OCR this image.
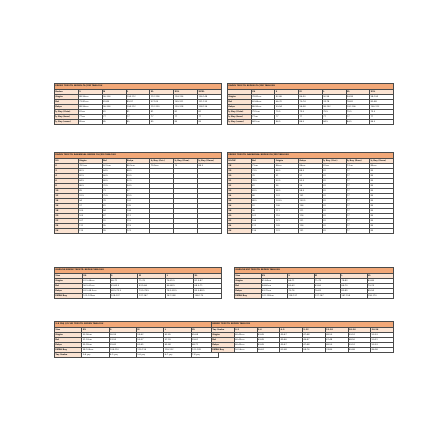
ERKEK TEKSTİL BEDEN ÖLÇÜM TABLOSU						
Beden	S	M	L	XL	XXL	XXXL
Göğüs	88-96cm	96-104	104-112	112-124	124-136	136-148
Bel	73-81cm	81-89	89-97	97-109	109-121	121-133
Kalça	88-96cm	96-104	104-112	112-120	120-128	128-136
İç Boy (Orta)	81cm	81	81	81	81	81
İç Boy (kısa)	77cm	77	77	77	77	77
İç Boy (uzun)	85cm	85	85	85	85	85
KADIN TEKSTİL BEDEN ÖLÇÜM TABLOSU						
	XS	S	M	L	XL	XXL
Göğüs	78-82cm	82-86	86-90	90-94	94-98	98-104
Bel	62-66cm	66-70	70-74	74-78	78-82	82-88
Kalça	86-90cm	90-94	94-98	98-102	102-106	106-112
İç Boy (Orta)	79.5cm	79.5	79.5	79.5	79.5	79.5
İç Boy (kısa)	77cm	77	77	77	77	77
İç Boy (uzun)	84.5cm	84.5	84.5	84.5	84.5	84.5
KADIN TEKSTİL RAKAMSAL BEDEN ÖLÇÜM TABLOSU						
US	Göğüs	Bel	Kalça	İç Boy (Ort.)	İç Boy (Kısa)	İç Boy (Uzun)
0	78.5cm	62.5cm	86.5cm	79.5cm	75	84.5
2	80.5	64.5	88.5			
4	82.5	66.5	90.5			
6	84.5	68.5	92.5			
8	86.5	70.5	94.5			
10	89	73	97			
12	91.5	75.5	99.5			
14	94	78	102			
16	97	81	105			
18	100	84	108			
20	103	87	111			
22	107	91	115			
24	111	95	119			
26	115	99	123			
ERKEK TEKSTİL RAKAMSAL BEDEN ÖLÇÜM TABLOSU						
US/UK	Bel	Göğüs	Kalça	İç Boy (Ort.)	İç Boy (Kısa)	İç Boy (Uzun)
28	71cm	86cm	86cm	81cm	77cm	85cm
29	73.5	88.5	88.5	81	77	85
30	76	91	91	81	77	85
31	78.5	93.5	93.5	81	77	85
32	81	96	96	81	77	85
33	83.5	98.5	98.5	81	77	85
34	86	101	101	81	77	85
35	88.5	103.5	103.5	81	77	85
36	91	106	106	81	77	85
38	96	111	111	81	77	85
40	101	116	116	81	77	85
42	106	121	121	81	77	85
44	111	126	126	81	77	85
46	116	131	131	81	77	85
GARSON ERKEK TEKSTİL BEDEN TABLOSU					
Size	XS	S	M	L	XL
Göğüs	61.5-66cm	66-71	71-76	76-81.5	81.5-87
Bel	56.5-61cm	61-63.5	63.5-66	66-68.5	68.5-71
Kalça	63.5-68.5cm	68.5-73.5	73.5-78.5	78.5-83.5	83.5-88.5
EMEA Boy	122-128cm	128-137	137-147	147-158	158-170
GARSON KIZ TEKSTİL BEDEN TABLOSU					
Size	XS	S	M	L	XL
Göğüs	61-64cm	64-71	71-78	78-83	83-88
Bel	54-60cm	60-63	63-66	66-70	70-74
Kalça	63-70cm	70-76	76-83	83-89	89-94
EMEA Boy	122-128cm	128-137	137-147	147-158	158-170
3-8 YAŞ ÇOCUK TEKSTİL BEDEN TABLOSU					
Size	XS	S	M	L	XL
Göğüs	53-56cm	56-59	59-62	62-65	65-68
Bel	51-53cm	53-55	55-57	57-59	59-61
Kalça	55-59cm	59-62	62-65	65-68	68-71
EMEA Boy	98-104cm	104-110	110-116	116-122	122-128
Yaş Grubu	3-4 yaş	4-5 yaş	5-6 yaş	6-7 yaş	7-8 yaş
BEBEK TEKSTİL BEDEN TABLOSU							
Yaş Grubu	0-3	3-6	6-9	9-12	12-18	18-24	24-36
Göğüs	40-43cm	43-45	45-47	47-48	48-50	50-52	52-53
Bel	40-43cm	43-45	45-46	46-47	47-48	48-50	50-51
Kalça	40-43cm	43-45	45-47	47-48	48-50	50-52	52-53
EMEA Boy	50-56cm	56-62	62-68	68-74	74-80	80-86	86-98
